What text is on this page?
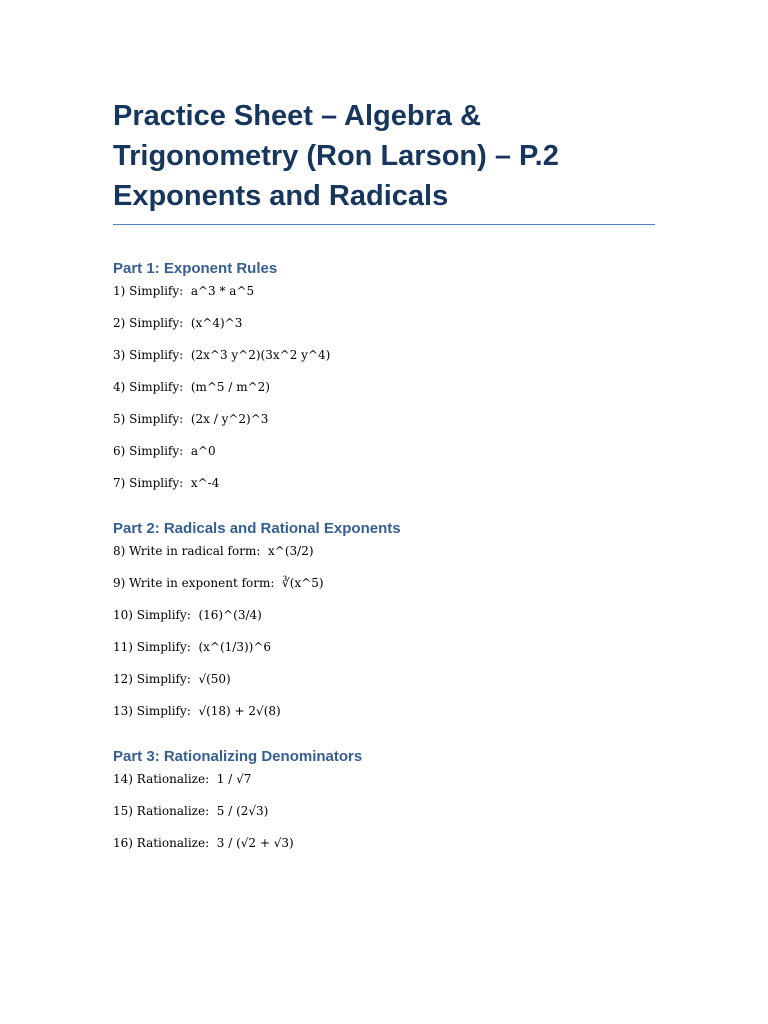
Practice Sheet – Algebra & Trigonometry (Ron Larson) – P.2 Exponents and Radicals
Part 1: Exponent Rules

1) Simplify:  a^3 * a^5

2) Simplify:  (x^4)^3

3) Simplify:  (2x^3 y^2)(3x^2 y^4)

4) Simplify:  (m^5 / m^2)

5) Simplify:  (2x / y^2)^3

6) Simplify:  a^0

7) Simplify:  x^-4

Part 2: Radicals and Rational Exponents

8) Write in radical form:  x^(3/2)

9) Write in exponent form:  ∛(x^5)

10) Simplify:  (16)^(3/4)

11) Simplify:  (x^(1/3))^6

12) Simplify:  √(50)

13) Simplify:  √(18) + 2√(8)

Part 3: Rationalizing Denominators

14) Rationalize:  1 / √7

15) Rationalize:  5 / (2√3)

16) Rationalize:  3 / (√2 + √3)
